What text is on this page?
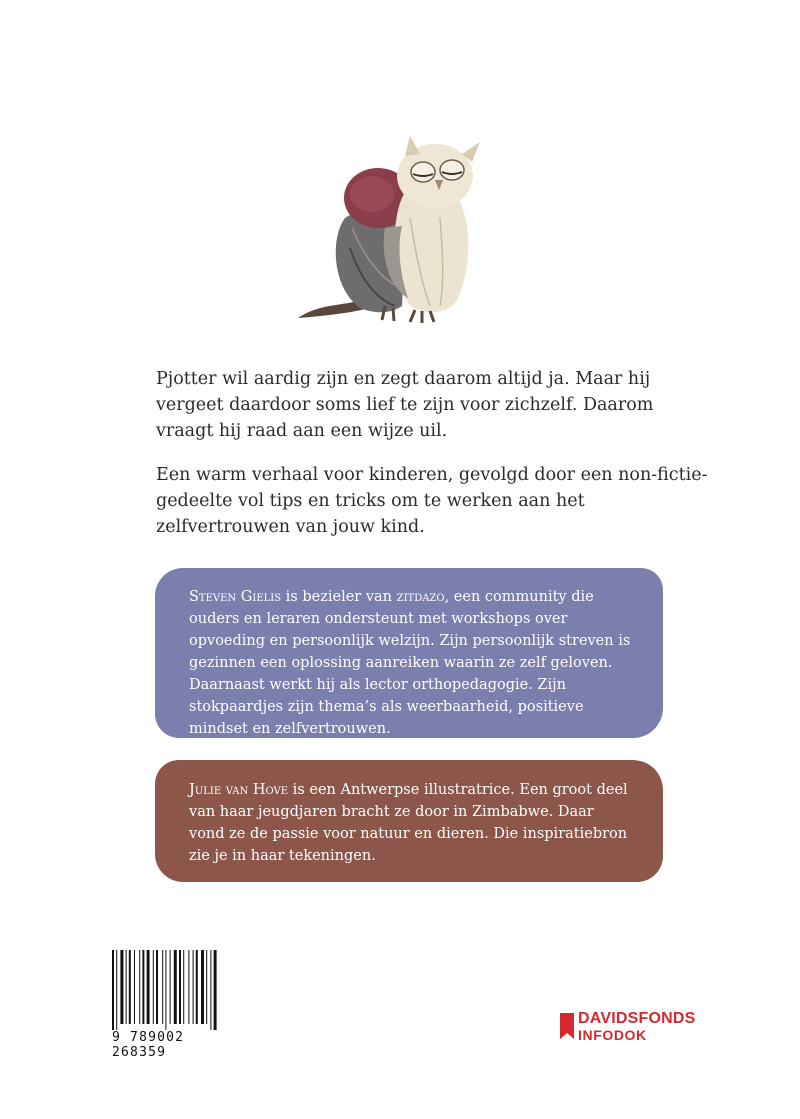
Pjotter wil aardig zijn en zegt daarom altijd ja. Maar hij vergeet daardoor soms lief te zijn voor zichzelf. Daarom vraagt hij raad aan een wijze uil.

Een warm verhaal voor kinderen, gevolgd door een non-fictie-gedeelte vol tips en tricks om te werken aan het zelfvertrouwen van jouw kind.

Steven Gielis is bezieler van zitdazo, een community die ouders en leraren ondersteunt met workshops over opvoeding en persoonlijk welzijn. Zijn persoonlijk streven is gezinnen een oplossing aanreiken waarin ze zelf geloven. Daarnaast werkt hij als lector orthopedagogie. Zijn stokpaardjes zijn thema’s als weerbaarheid, positieve mindset en zelfvertrouwen.
Julie van Hove is een Antwerpse illustratrice. Een groot deel van haar jeugdjaren bracht ze door in Zimbabwe. Daar vond ze de passie voor natuur en dieren. Die inspiratiebron zie je in haar tekeningen.
9 789002 268359
DAVIDSFONDS
INFODOK
